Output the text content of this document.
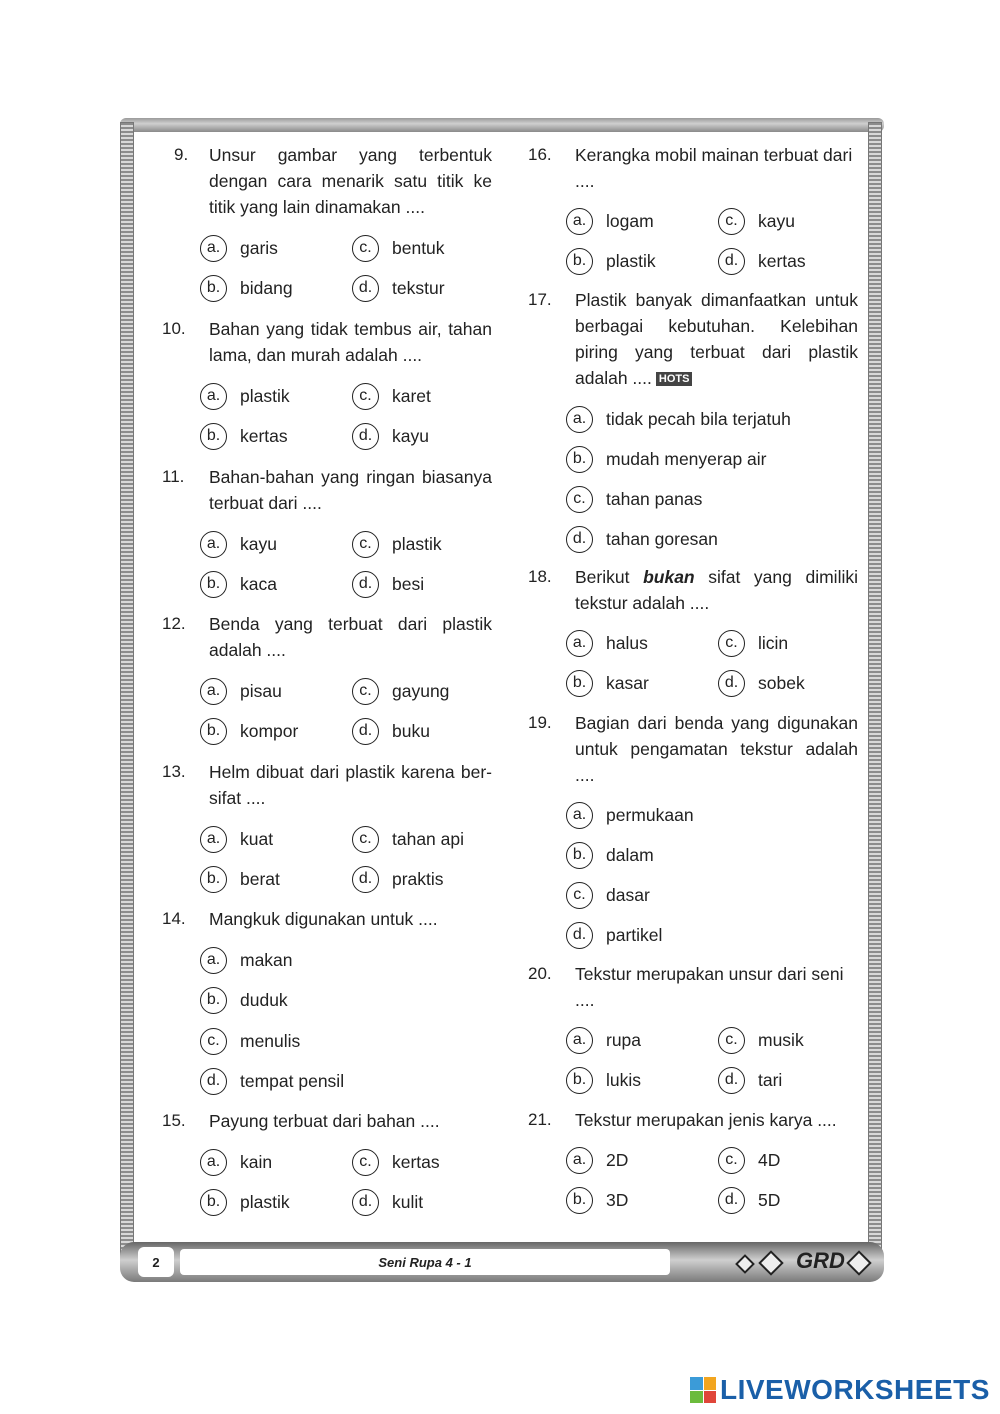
9.	Unsur gambar yang terbentuk dengan cara menarik satu titik ke titik yang lain dinamakan ....
a.	garis	c.	bentuk
b.	bidang	d.	tekstur
10.	Bahan yang tidak tembus air, tahan lama, dan murah adalah ....
a.	plastik	c.	karet
b.	kertas	d.	kayu
11.	Bahan-bahan yang ringan biasanya terbuat dari ....
a.	kayu	c.	plastik
b.	kaca	d.	besi
12.	Benda yang terbuat dari plastik adalah ....
a.	pisau	c.	gayung
b.	kompor	d.	buku
13.	Helm dibuat dari plastik karena ber-sifat ....
a.	kuat	c.	tahan api
b.	berat	d.	praktis
14.	Mangkuk digunakan untuk ....
a.	makan
b.	duduk
c.	menulis
d.	tempat pensil
15.	Payung terbuat dari bahan ....
a.	kain	c.	kertas
b.	plastik	d.	kulit
16.	Kerangka mobil mainan terbuat dari ....
a.	logam	c.	kayu
b.	plastik	d.	kertas
17.	Plastik banyak dimanfaatkan untuk berbagai kebutuhan. Kelebihan piring yang terbuat dari plastik adalah .... HOTS
a.	tidak pecah bila terjatuh
b.	mudah menyerap air
c.	tahan panas
d.	tahan goresan
18.	Berikut bukan sifat yang dimiliki tekstur adalah ....
a.	halus	c.	licin
b.	kasar	d.	sobek
19.	Bagian dari benda yang digunakan untuk pengamatan tekstur adalah ....
a.	permukaan
b.	dalam
c.	dasar
d.	partikel
20.	Tekstur merupakan unsur dari seni ....
a.	rupa	c.	musik
b.	lukis	d.	tari
21.	Tekstur merupakan jenis karya ....
a.	2D	c.	4D
b.	3D	d.	5D
2	Seni Rupa 4 - 1	GRD
LIVEWORKSHEETS
